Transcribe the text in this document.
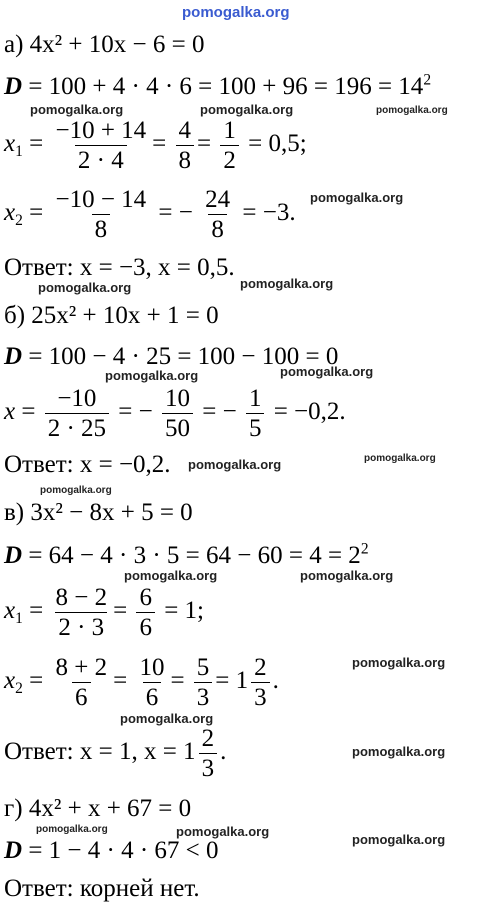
pomogalka.org
pomogalka.org	pomogalka.org	pomogalka.org
pomogalka.org
pomogalka.org	pomogalka.org
pomogalka.org	pomogalka.org
pomogalka.org	pomogalka.org
pomogalka.org
pomogalka.org	pomogalka.org
pomogalka.org
pomogalka.org
pomogalka.org
pomogalka.org	pomogalka.org
pomogalka.org
а) 4x² + 10x − 6 = 0
$D = 100 + 4 \cdot 4 \cdot 6 = 100 + 96 = 196 = 14^2$
$x_1 = \frac{-10 + 14}{2 \cdot 4} = \frac{4}{8} = \frac{1}{2} = 0,5$;
$x_2 = \frac{-10 - 14}{8}$ = − $\frac{24}{8} = -3$.
Ответ: x = −3, x = 0,5.
б) 25x² + 10x + 1 = 0
D = 100 − 4 · 25 = 100 − 100 = 0
$x = \frac{-10}{2 \cdot 25}$ = − $\frac{10}{50}$ = − $\frac{1}{5} = -0,2$.
Ответ: x = −0,2.
в) 3x² − 8x + 5 = 0
$D = 64 - 4 \cdot 3 \cdot 5 = 64 - 60 = 4 = 2^2$
$x_1 = \frac{8 - 2}{2 \cdot 3} = \frac{6}{6} = 1$;
$x_2 = \frac{8 + 2}{6} = \frac{10}{6} = \frac{5}{3} = 1 \frac{2}{3}$ .
Ответ: x = 1, $x = 1 \frac{2}{3}$ .
г) 4x² + x + 67 = 0
D = 1 − 4 · 4 · 67 < 0
Ответ: корней нет.
